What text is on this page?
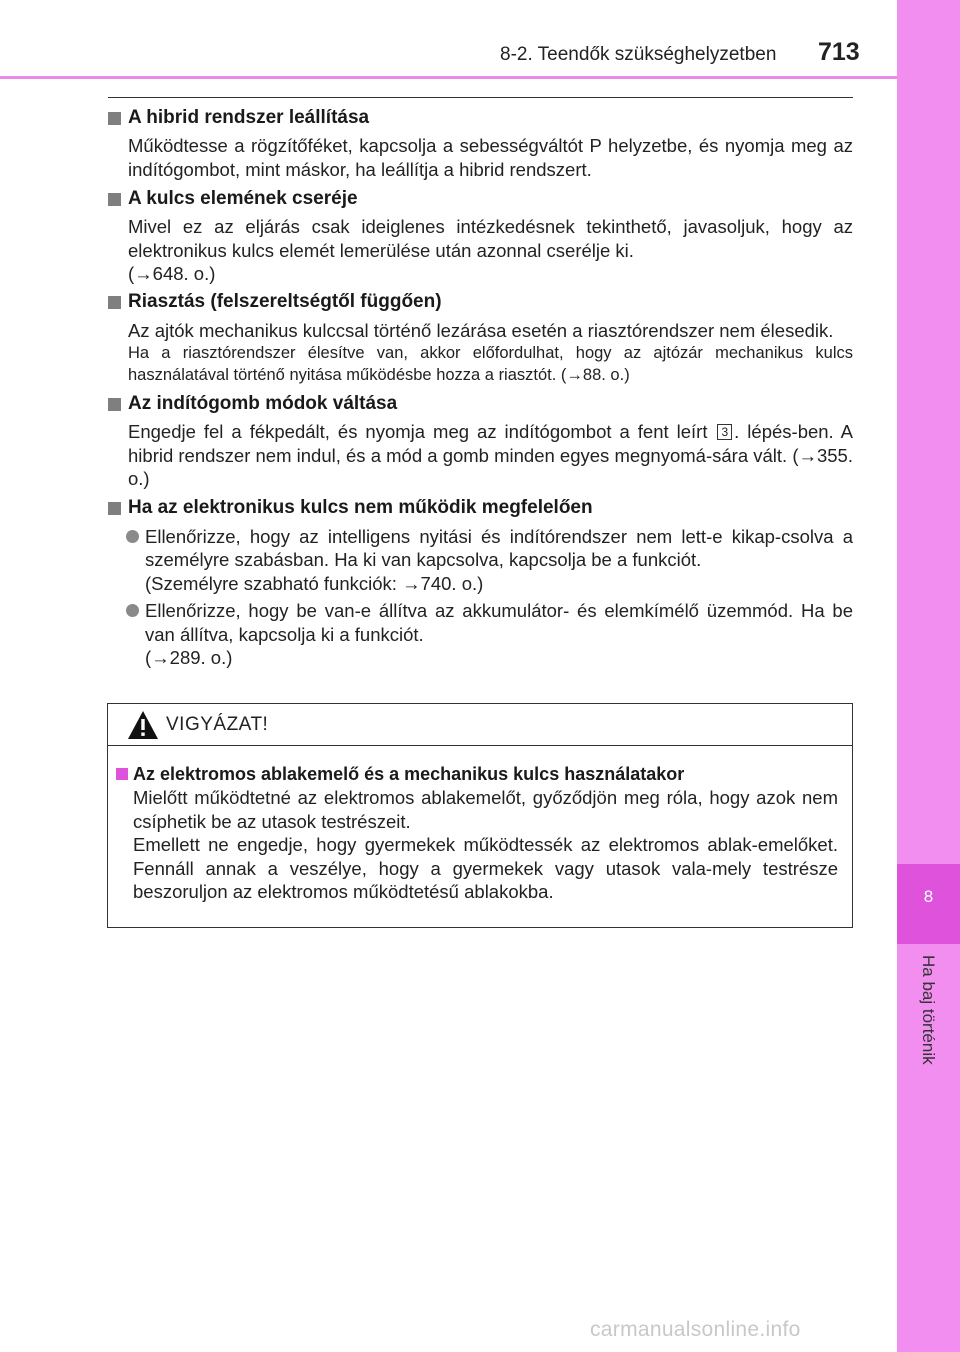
8-2. Teendők szükséghelyzetben 713
8
Ha baj történik
A hibrid rendszer leállítása
Működtesse a rögzítőféket, kapcsolja a sebességváltót P helyzetbe, és nyomja meg az indítógombot, mint máskor, ha leállítja a hibrid rendszert.
A kulcs elemének cseréje
Mivel ez az eljárás csak ideiglenes intézkedésnek tekinthető, javasoljuk, hogy az elektronikus kulcs elemét lemerülése után azonnal cserélje ki.
(→648. o.)
Riasztás (felszereltségtől függően)
Az ajtók mechanikus kulccsal történő lezárása esetén a riasztórendszer nem élesedik.
Ha a riasztórendszer élesítve van, akkor előfordulhat, hogy az ajtózár mechanikus kulcs használatával történő nyitása működésbe hozza a riasztót. (→88. o.)
Az indítógomb módok váltása
Engedje fel a fékpedált, és nyomja meg az indítógombot a fent leírt 3 . lépés-ben. A hibrid rendszer nem indul, és a mód a gomb minden egyes megnyomá-sára vált. (→355. o.)
Ha az elektronikus kulcs nem működik megfelelően
Ellenőrizze, hogy az intelligens nyitási és indítórendszer nem lett-e kikap-csolva a személyre szabásban. Ha ki van kapcsolva, kapcsolja be a funkciót.
(Személyre szabható funkciók: →740. o.)
Ellenőrizze, hogy be van-e állítva az akkumulátor- és elemkímélő üzemmód. Ha be van állítva, kapcsolja ki a funkciót.
(→289. o.)
VIGYÁZAT!
Az elektromos ablakemelő és a mechanikus kulcs használatakor
Mielőtt működtetné az elektromos ablakemelőt, győződjön meg róla, hogy azok nem csíphetik be az utasok testrészeit.
Emellett ne engedje, hogy gyermekek működtessék az elektromos ablak-emelőket. Fennáll annak a veszélye, hogy a gyermekek vagy utasok vala-mely testrésze beszoruljon az elektromos működtetésű ablakokba.
carmanualsonline.info
